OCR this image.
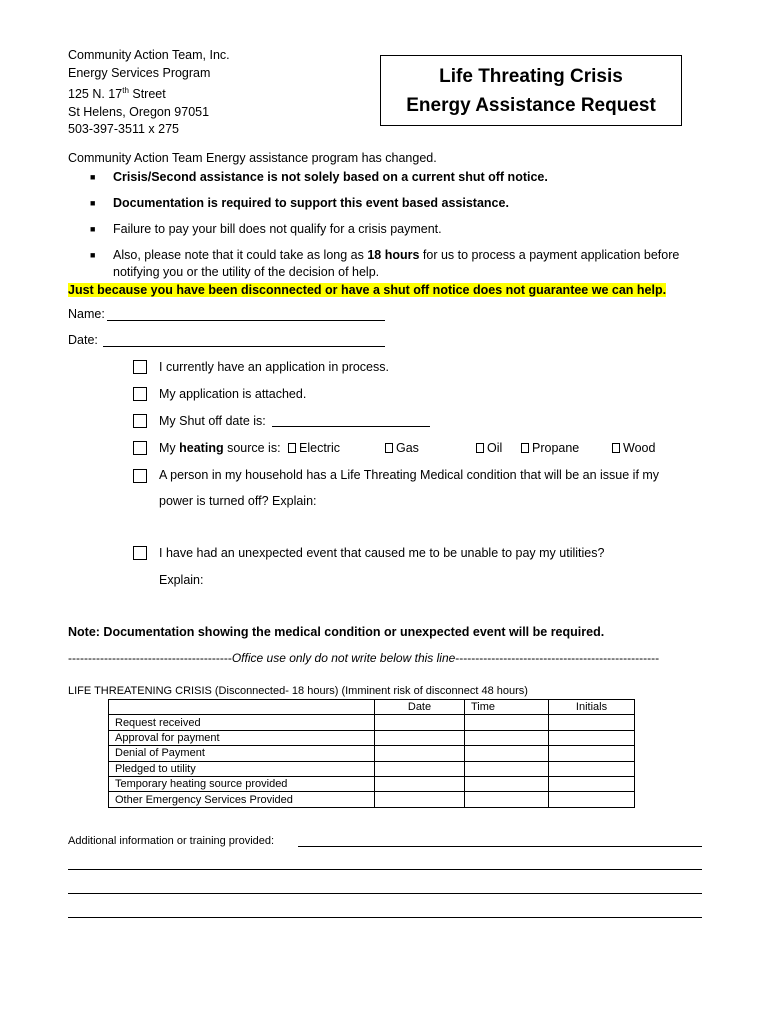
Community Action Team, Inc.
Energy Services Program
125 N. 17th Street
St Helens, Oregon 97051
503-397-3511 x 275
Life Threating Crisis
Energy Assistance Request
Community Action Team Energy assistance program has changed.
■ Crisis/Second assistance is not solely based on a current shut off notice.
■ Documentation is required to support this event based assistance.
■ Failure to pay your bill does not qualify for a crisis payment.
■ Also, please note that it could take as long as 18 hours for us to process a payment application before
notifying you or the utility of the decision of help.
Just because you have been disconnected or have a shut off notice does not guarantee we can help.
Name:
Date:
I currently have an application in process.
My application is attached.
My Shut off date is:
My heating source is:	Electric	Gas	Oil	Propane	Wood
A person in my household has a Life Threating Medical condition that will be an issue if my
power is turned off? Explain:
I have had an unexpected event that caused me to be unable to pay my utilities?
Explain:
Note: Documentation showing the medical condition or unexpected event will be required.
-----------------------------------------Office use only do not write below this line---------------------------------------------------
LIFE THREATENING CRISIS (Disconnected- 18 hours) (Imminent risk of disconnect 48 hours)
	Date	Time	Initials
Request received			
Approval for payment			
Denial of Payment			
Pledged to utility			
Temporary heating source provided			
Other Emergency Services Provided			
Additional information or training provided:
